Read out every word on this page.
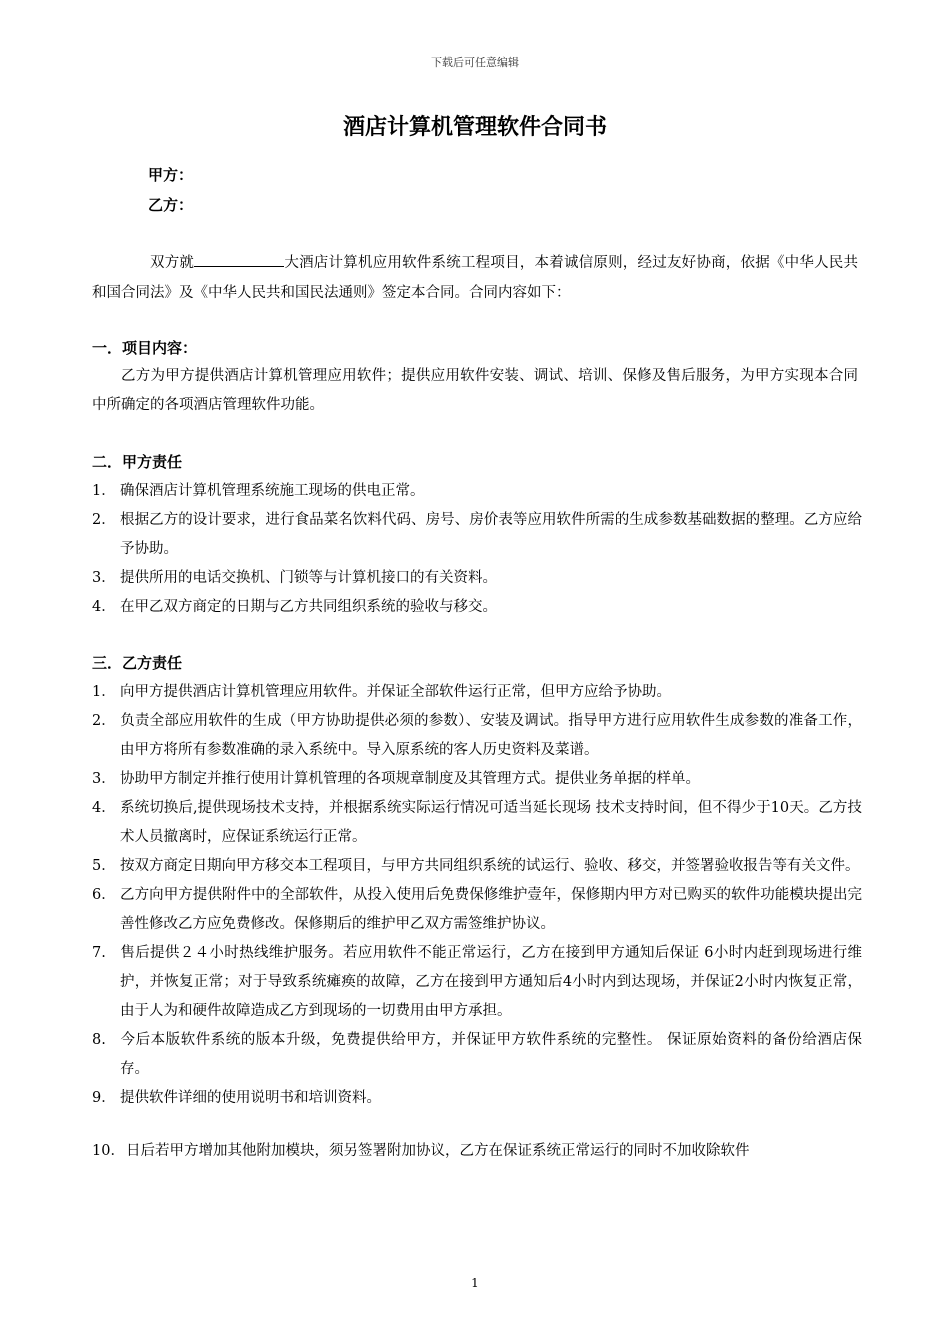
下载后可任意编辑
酒店计算机管理软件合同书
甲方：
乙方：
双方就	大酒店计算机应用软件系统工程项目，本着诚信原则，经过友好协商，依据《中华人民共和国合同法》及《中华人民共和国民法通则》签定本合同。合同内容如下：
一．项目内容：
乙方为甲方提供酒店计算机管理应用软件；提供应用软件安装、调试、培训、保修及售后服务，为甲方实现本合同中所确定的各项酒店管理软件功能。
二．甲方责任
1． 确保酒店计算机管理系统施工现场的供电正常。
2． 根据乙方的设计要求，进行食品菜名饮料代码、房号、房价表等应用软件所需的生成参数基础数据的整理。乙方应给予协助。
3． 提供所用的电话交换机、门锁等与计算机接口的有关资料。
4． 在甲乙双方商定的日期与乙方共同组织系统的验收与移交。
三．乙方责任
1． 向甲方提供酒店计算机管理应用软件。并保证全部软件运行正常，但甲方应给予协助。
2． 负责全部应用软件的生成（甲方协助提供必须的参数）、安装及调试。指导甲方进行应用软件生成参数的准备工作，由甲方将所有参数准确的录入系统中。导入原系统的客人历史资料及菜谱。
3． 协助甲方制定并推行使用计算机管理的各项规章制度及其管理方式。提供业务单据的样单。
4． 系统切换后,提供现场技术支持，并根据系统实际运行情况可适当延长现场 技术支持时间，但不得少于10天。乙方技术人员撤离时，应保证系统运行正常。
5． 按双方商定日期向甲方移交本工程项目，与甲方共同组织系统的试运行、验收、移交，并签署验收报告等有关文件。
6． 乙方向甲方提供附件中的全部软件，从投入使用后免费保修维护壹年，保修期内甲方对已购买的软件功能模块提出完善性修改乙方应免费修改。保修期后的维护甲乙双方需签维护协议。
7. 售后提供２４小时热线维护服务。若应用软件不能正常运行，乙方在接到甲方通知后保证 6小时内赶到现场进行维护，并恢复正常；对于导致系统瘫痪的故障，乙方在接到甲方通知后4小时内到达现场，并保证2小时内恢复正常，由于人为和硬件故障造成乙方到现场的一切费用由甲方承担。
8. 今后本版软件系统的版本升级，免费提供给甲方，并保证甲方软件系统的完整性。 保证原始资料的备份给酒店保存。
9． 提供软件详细的使用说明书和培训资料。
10．日后若甲方增加其他附加模块，须另签署附加协议，乙方在保证系统正常运行的同时不加收除软件
1
